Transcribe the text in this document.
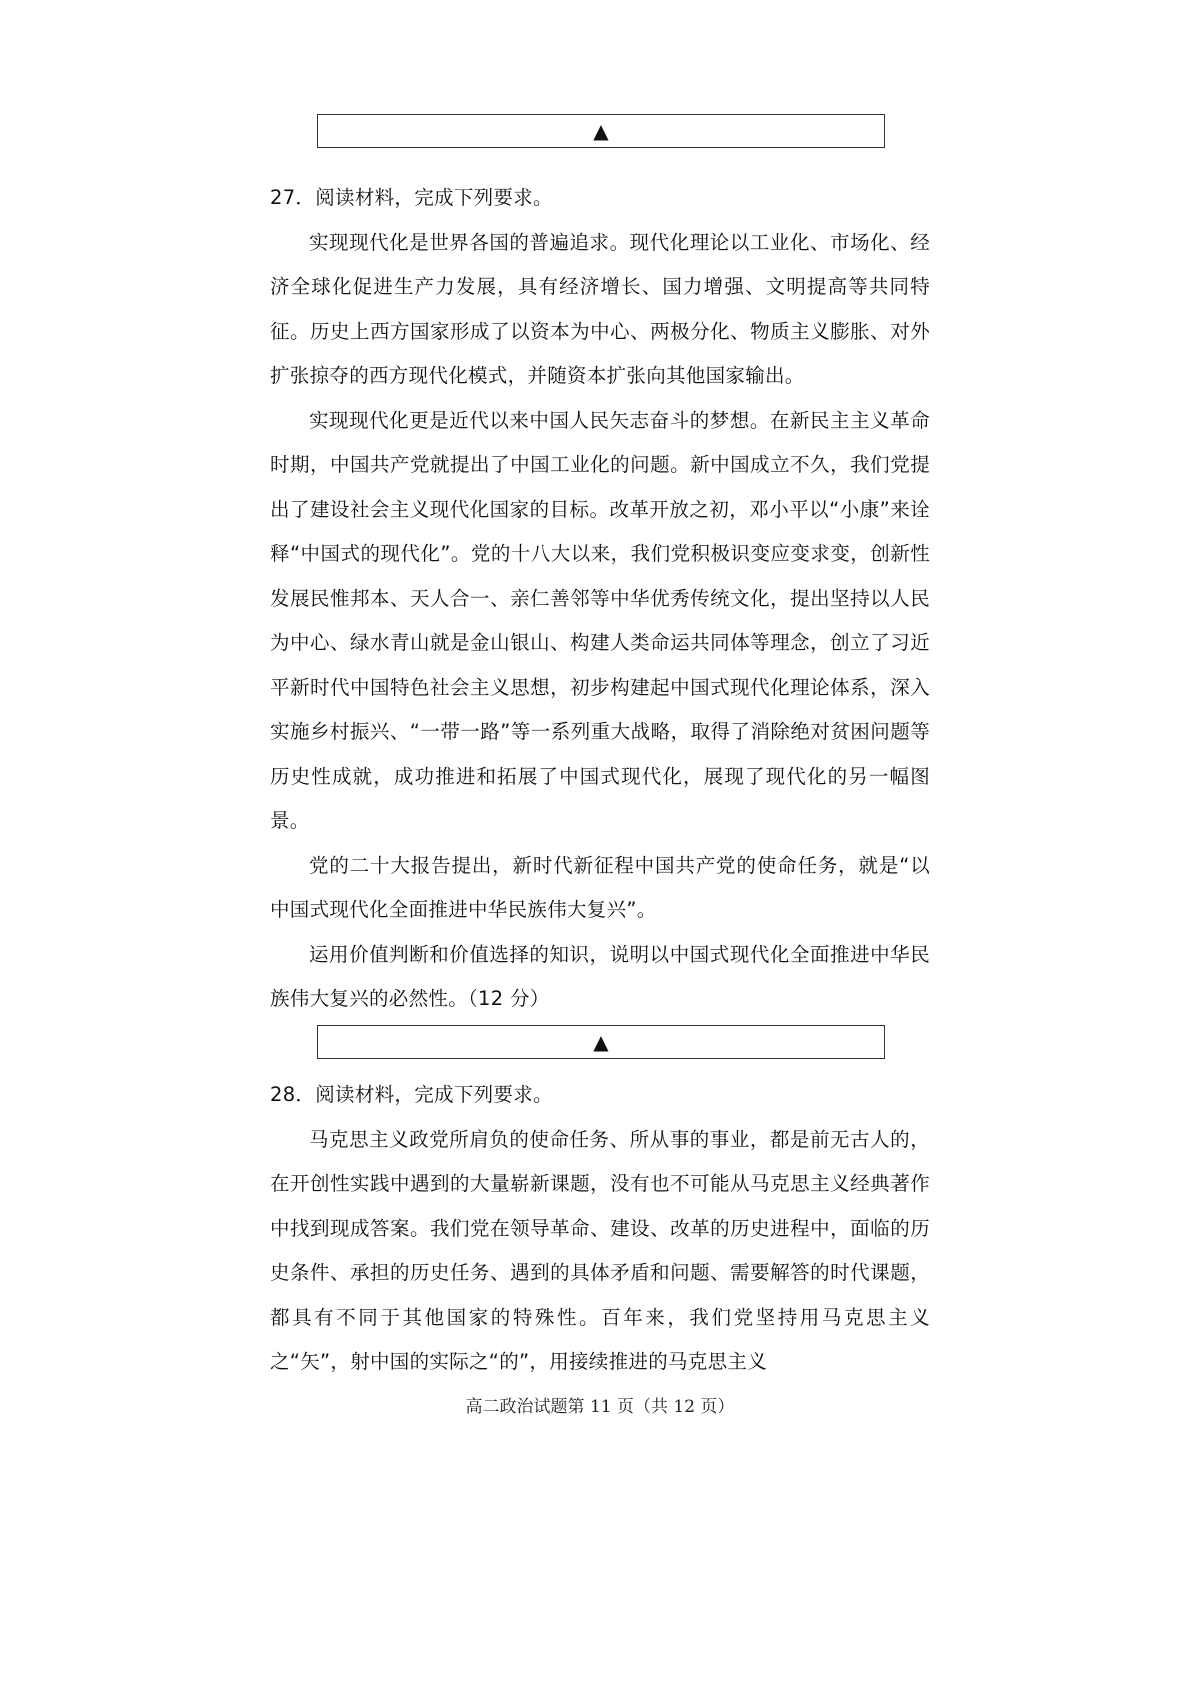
▲

27．阅读材料，完成下列要求。

实现现代化是世界各国的普遍追求。现代化理论以工业化、市场化、经济全球化促进生产力发展，具有经济增长、国力增强、文明提高等共同特征。历史上西方国家形成了以资本为中心、两极分化、物质主义膨胀、对外扩张掠夺的西方现代化模式，并随资本扩张向其他国家输出。

实现现代化更是近代以来中国人民矢志奋斗的梦想。在新民主主义革命时期，中国共产党就提出了中国工业化的问题。新中国成立不久，我们党提出了建设社会主义现代化国家的目标。改革开放之初，邓小平以“小康”来诠释“中国式的现代化”。党的十八大以来，我们党积极识变应变求变，创新性发展民惟邦本、天人合一、亲仁善邻等中华优秀传统文化，提出坚持以人民为中心、绿水青山就是金山银山、构建人类命运共同体等理念，创立了习近平新时代中国特色社会主义思想，初步构建起中国式现代化理论体系，深入实施乡村振兴、“一带一路”等一系列重大战略，取得了消除绝对贫困问题等历史性成就，成功推进和拓展了中国式现代化，展现了现代化的另一幅图景。

党的二十大报告提出，新时代新征程中国共产党的使命任务，就是“以中国式现代化全面推进中华民族伟大复兴”。

运用价值判断和价值选择的知识，说明以中国式现代化全面推进中华民族伟大复兴的必然性。（12 分）

▲

28．阅读材料，完成下列要求。

马克思主义政党所肩负的使命任务、所从事的事业，都是前无古人的，在开创性实践中遇到的大量崭新课题，没有也不可能从马克思主义经典著作中找到现成答案。我们党在领导革命、建设、改革的历史进程中，面临的历史条件、承担的历史任务、遇到的具体矛盾和问题、需要解答的时代课题，都具有不同于其他国家的特殊性。百年来，我们党坚持用马克思主义之“矢”，射中国的实际之“的”，用接续推进的马克思主义

高二政治试题第 11 页（共 12 页）
